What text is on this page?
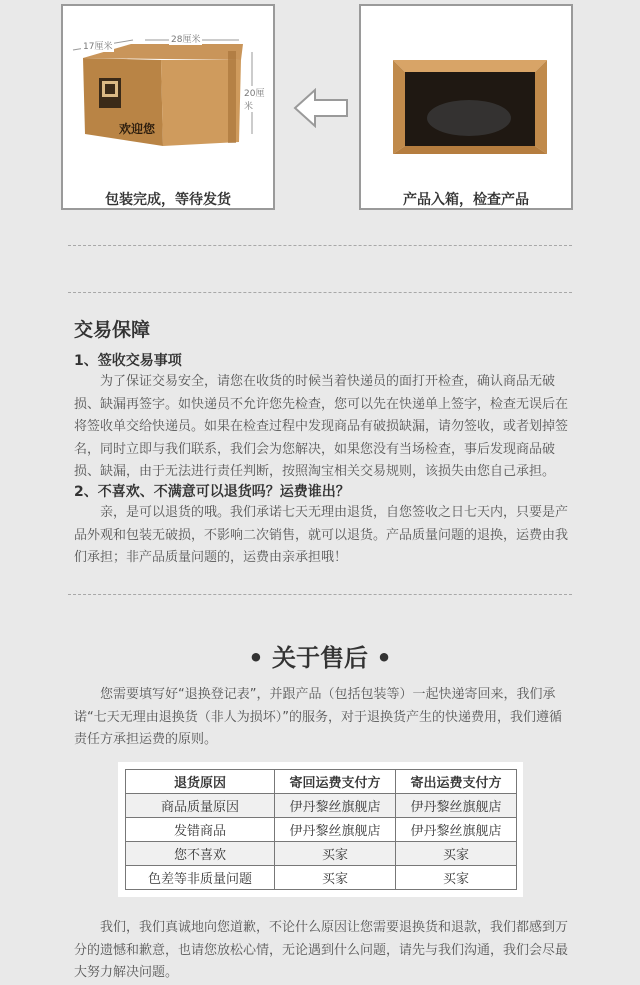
欢迎您
28厘米
17厘米
20厘米
包装完成，等待发货	产品入箱，检查产品
交易保障
1、签收交易事项

为了保证交易安全，请您在收货的时候当着快递员的面打开检查，确认商品无破损、缺漏再签字。如快递员不允许您先检查，您可以先在快递单上签字，检查无误后在将签收单交给快递员。如果在检查过程中发现商品有破损缺漏，请勿签收，或者划掉签名，同时立即与我们联系，我们会为您解决，如果您没有当场检查，事后发现商品破损、缺漏，由于无法进行责任判断，按照淘宝相关交易规则，该损失由您自己承担。

2、不喜欢、不满意可以退货吗？运费谁出？

亲，是可以退货的哦。我们承诺七天无理由退货，自您签收之日七天内，只要是产品外观和包装无破损，不影响二次销售，就可以退货。产品质量问题的退换，运费由我们承担；非产品质量问题的，运费由亲承担哦！

• 关于售后 •

您需要填写好“退换登记表”，并跟产品（包括包装等）一起快递寄回来，我们承诺“七天无理由退换货（非人为损坏）”的服务，对于退换货产生的快递费用，我们遵循责任方承担运费的原则。

退货原因	寄回运费支付方	寄出运费支付方
商品质量原因	伊丹黎丝旗舰店	伊丹黎丝旗舰店
发错商品	伊丹黎丝旗舰店	伊丹黎丝旗舰店
您不喜欢	买家	买家
色差等非质量问题	买家	买家

我们，我们真诚地向您道歉，不论什么原因让您需要退换货和退款，我们都感到万分的遗憾和歉意，也请您放松心情，无论遇到什么问题，请先与我们沟通，我们会尽最大努力解决问题。
